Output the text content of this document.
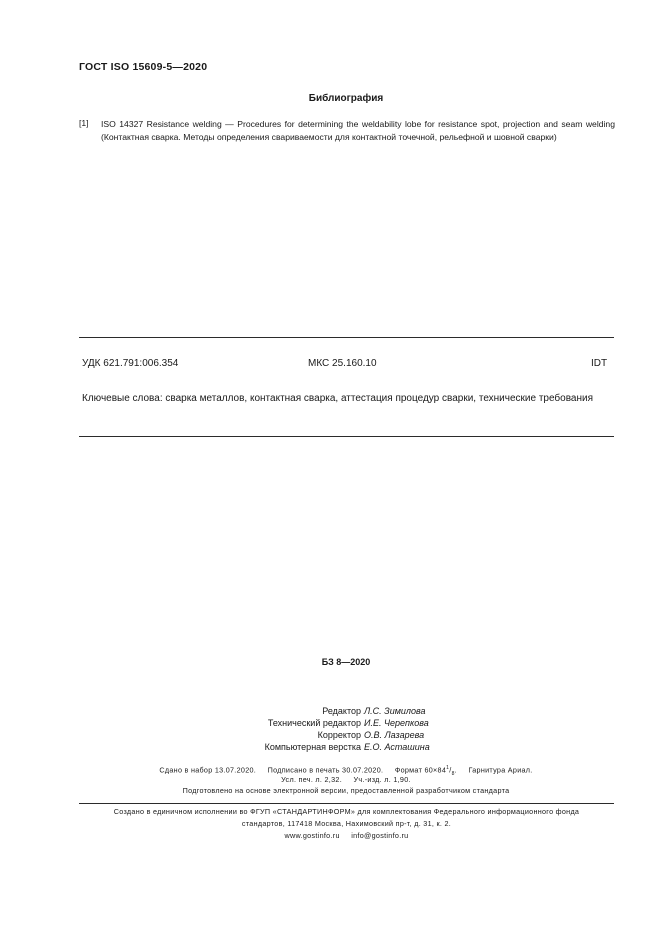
ГОСТ ISO 15609-5—2020
Библиография
[1] ISO 14327 Resistance welding — Procedures for determining the weldability lobe for resistance spot, projection and seam welding (Контактная сварка. Методы определения свариваемости для контактной точечной, рельефной и шовной сварки)
УДК 621.791:006.354	МКС 25.160.10	IDT
Ключевые слова: сварка металлов, контактная сварка, аттестация процедур сварки, технические требования
БЗ 8—2020
Редактор Л.С. Зимилова
Технический редактор И.Е. Черепкова
Корректор О.В. Лазарева
Компьютерная верстка Е.О. Асташина
Сдано в набор 13.07.2020. Подписано в печать 30.07.2020. Формат $60\times 84^1/_8$.     Гарнитура Ариал.
Усл. печ. л. 2,32.     Уч.-изд. л. 1,90.
Подготовлено на основе электронной версии, предоставленной разработчиком стандарта
Создано в единичном исполнении во ФГУП «СТАНДАРТИНФОРМ» для комплектования Федерального информационного фонда
стандартов, 117418 Москва, Нахимовский пр-т, д. 31, к. 2.
www.gostinfo.ru     info@gostinfo.ru
